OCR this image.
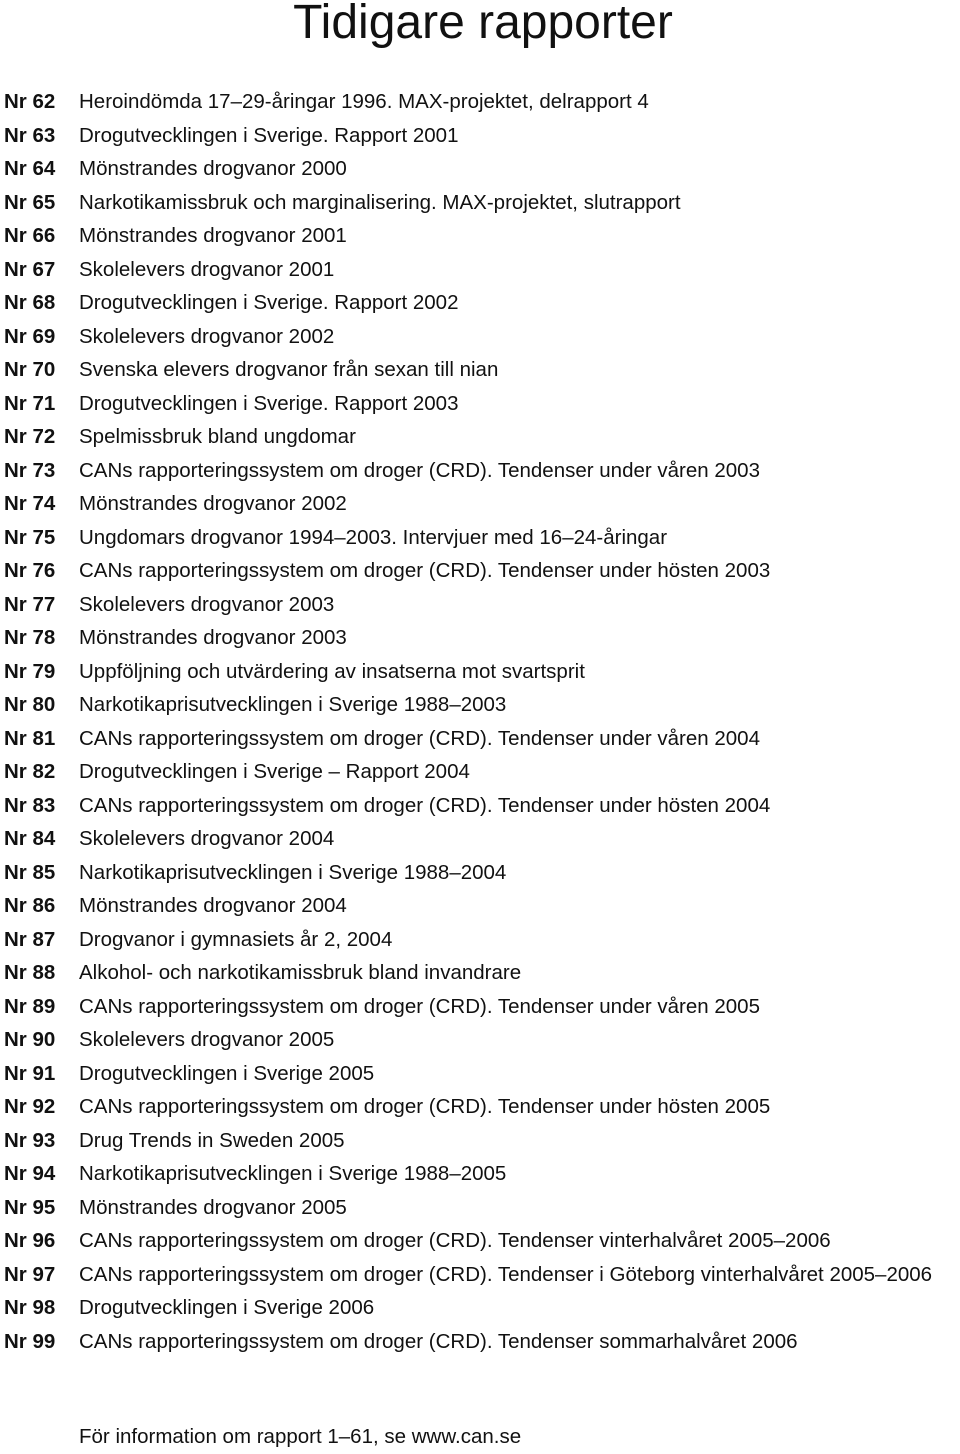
Tidigare rapporter
Nr 62	Heroindömda 17–29-åringar 1996. MAX-projektet, delrapport 4
Nr 63	Drogutvecklingen i Sverige. Rapport 2001
Nr 64	Mönstrandes drogvanor 2000
Nr 65	Narkotikamissbruk och marginalisering. MAX-projektet, slutrapport
Nr 66	Mönstrandes drogvanor 2001
Nr 67	Skolelevers drogvanor 2001
Nr 68	Drogutvecklingen i Sverige. Rapport 2002
Nr 69	Skolelevers drogvanor 2002
Nr 70	Svenska elevers drogvanor från sexan till nian
Nr 71	Drogutvecklingen i Sverige. Rapport 2003
Nr 72	Spelmissbruk bland ungdomar
Nr 73	CANs rapporteringssystem om droger (CRD). Tendenser under våren 2003
Nr 74	Mönstrandes drogvanor 2002
Nr 75	Ungdomars drogvanor 1994–2003. Intervjuer med 16–24-åringar
Nr 76	CANs rapporteringssystem om droger (CRD). Tendenser under hösten 2003
Nr 77	Skolelevers drogvanor 2003
Nr 78	Mönstrandes drogvanor 2003
Nr 79	Uppföljning och utvärdering av insatserna mot svartsprit
Nr 80	Narkotikaprisutvecklingen i Sverige 1988–2003
Nr 81	CANs rapporteringssystem om droger (CRD). Tendenser under våren 2004
Nr 82	Drogutvecklingen i Sverige – Rapport 2004
Nr 83	CANs rapporteringssystem om droger (CRD). Tendenser under hösten 2004
Nr 84	Skolelevers drogvanor 2004
Nr 85	Narkotikaprisutvecklingen i Sverige 1988–2004
Nr 86	Mönstrandes drogvanor 2004
Nr 87	Drogvanor i gymnasiets år 2, 2004
Nr 88	Alkohol- och narkotikamissbruk bland invandrare
Nr 89	CANs rapporteringssystem om droger (CRD). Tendenser under våren 2005
Nr 90	Skolelevers drogvanor 2005
Nr 91	Drogutvecklingen i Sverige 2005
Nr 92	CANs rapporteringssystem om droger (CRD). Tendenser under hösten 2005
Nr 93	Drug Trends in Sweden 2005
Nr 94	Narkotikaprisutvecklingen i Sverige 1988–2005
Nr 95	Mönstrandes drogvanor 2005
Nr 96	CANs rapporteringssystem om droger (CRD). Tendenser vinterhalvåret 2005–2006
Nr 97	CANs rapporteringssystem om droger (CRD). Tendenser i Göteborg vinterhalvåret 2005–2006
Nr 98	Drogutvecklingen i Sverige 2006
Nr 99	CANs rapporteringssystem om droger (CRD). Tendenser sommarhalvåret 2006
För information om rapport 1–61, se www.can.se
